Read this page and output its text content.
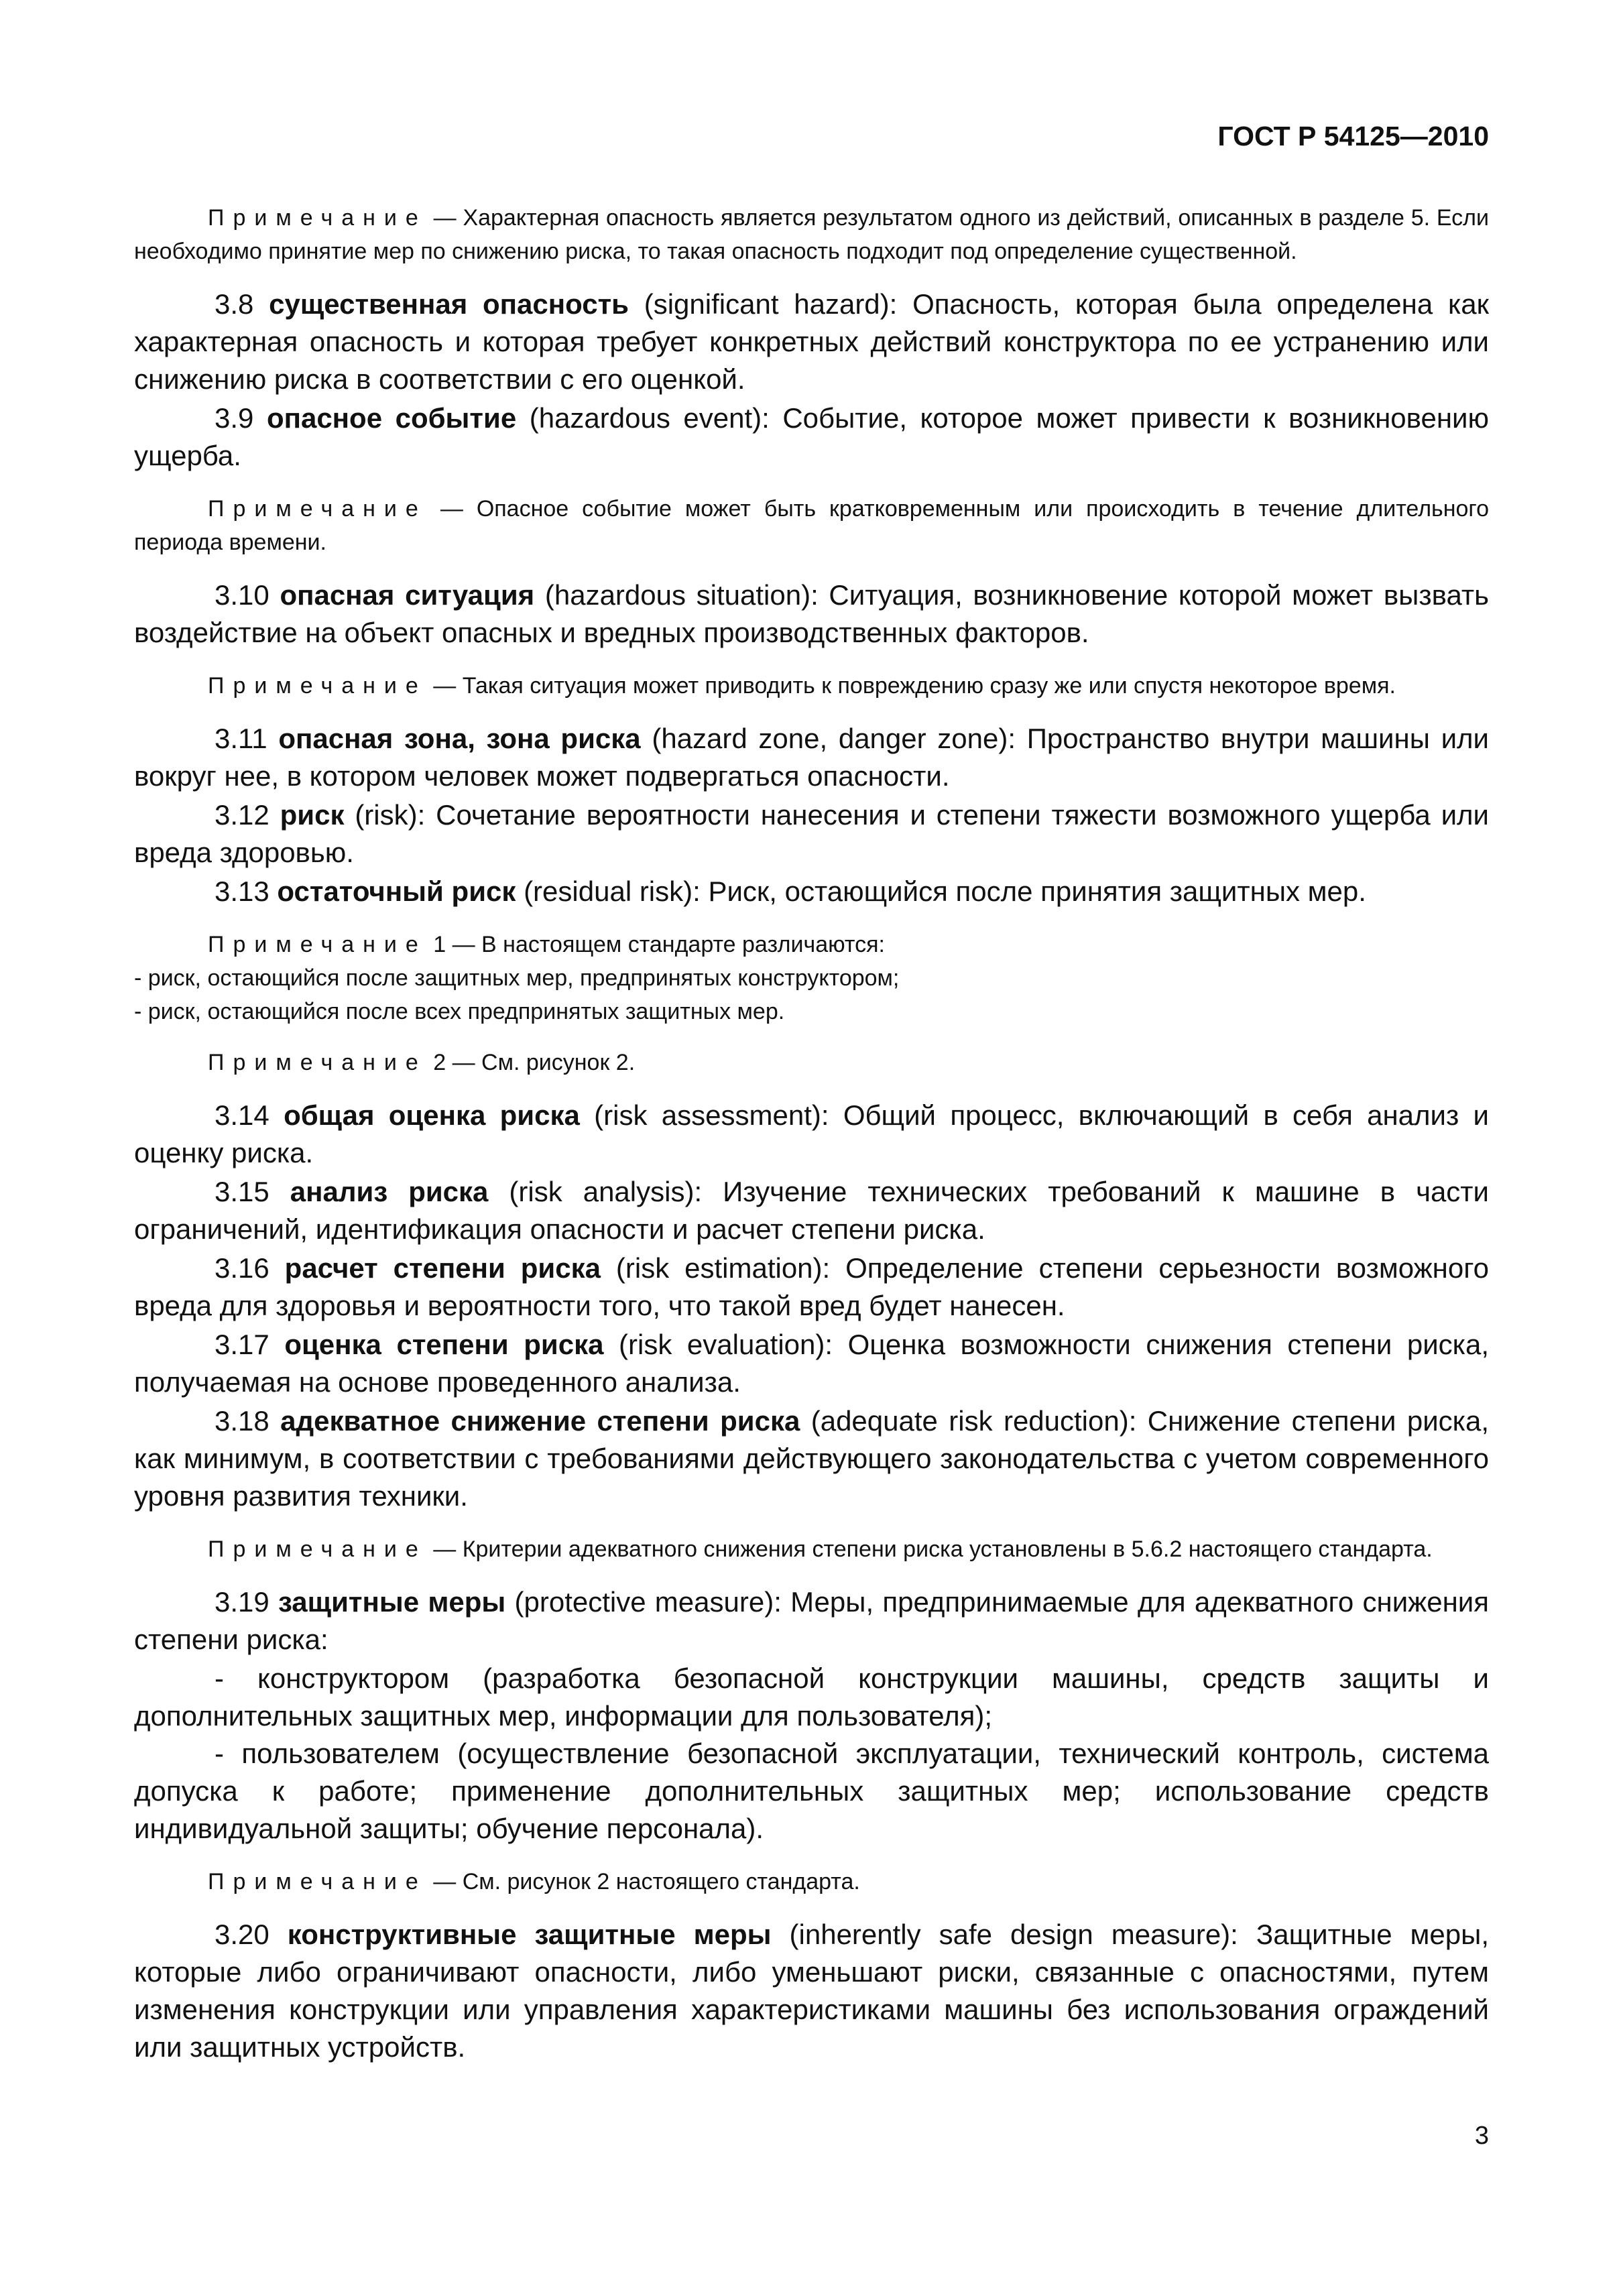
ГОСТ Р 54125—2010

Примечание — Характерная опасность является результатом одного из действий, описанных в разделе 5. Если необходимо принятие мер по снижению риска, то такая опасность подходит под определение существенной.

3.8 существенная опасность (significant hazard): Опасность, которая была определена как характерная опасность и которая требует конкретных действий конструктора по ее устранению или снижению риска в соответствии с его оценкой.

3.9 опасное событие (hazardous event): Событие, которое может привести к возникновению ущерба.

Примечание — Опасное событие может быть кратковременным или происходить в течение длительного периода времени.

3.10 опасная ситуация (hazardous situation): Ситуация, возникновение которой может вызвать воздействие на объект опасных и вредных производственных факторов.

Примечание — Такая ситуация может приводить к повреждению сразу же или спустя некоторое время.

3.11 опасная зона, зона риска (hazard zone, danger zone): Пространство внутри машины или вокруг нее, в котором человек может подвергаться опасности.

3.12 риск (risk): Сочетание вероятности нанесения и степени тяжести возможного ущерба или вреда здоровью.

3.13 остаточный риск (residual risk): Риск, остающийся после принятия защитных мер.

Примечание 1 — В настоящем стандарте различаются:

- риск, остающийся после защитных мер, предпринятых конструктором;

- риск, остающийся после всех предпринятых защитных мер.

Примечание 2 — См. рисунок 2.

3.14 общая оценка риска (risk assessment): Общий процесс, включающий в себя анализ и оценку риска.

3.15 анализ риска (risk analysis): Изучение технических требований к машине в части ограничений, идентификация опасности и расчет степени риска.

3.16 расчет степени риска (risk estimation): Определение степени серьезности возможного вреда для здоровья и вероятности того, что такой вред будет нанесен.

3.17 оценка степени риска (risk evaluation): Оценка возможности снижения степени риска, получаемая на основе проведенного анализа.

3.18 адекватное снижение степени риска (adequate risk reduction): Снижение степени риска, как минимум, в соответствии с требованиями действующего законодательства с учетом современного уровня развития техники.

Примечание — Критерии адекватного снижения степени риска установлены в 5.6.2 настоящего стандарта.

3.19 защитные меры (protective measure): Меры, предпринимаемые для адекватного снижения степени риска:

- конструктором (разработка безопасной конструкции машины, средств защиты и дополнительных защитных мер, информации для пользователя);

- пользователем (осуществление безопасной эксплуатации, технический контроль, система допуска к работе; применение дополнительных защитных мер; использование средств индивидуальной защиты; обучение персонала).

Примечание — См. рисунок 2 настоящего стандарта.

3.20 конструктивные защитные меры (inherently safe design measure): Защитные меры, которые либо ограничивают опасности, либо уменьшают риски, связанные с опасностями, путем изменения конструкции или управления характеристиками машины без использования ограждений или защитных устройств.

3
